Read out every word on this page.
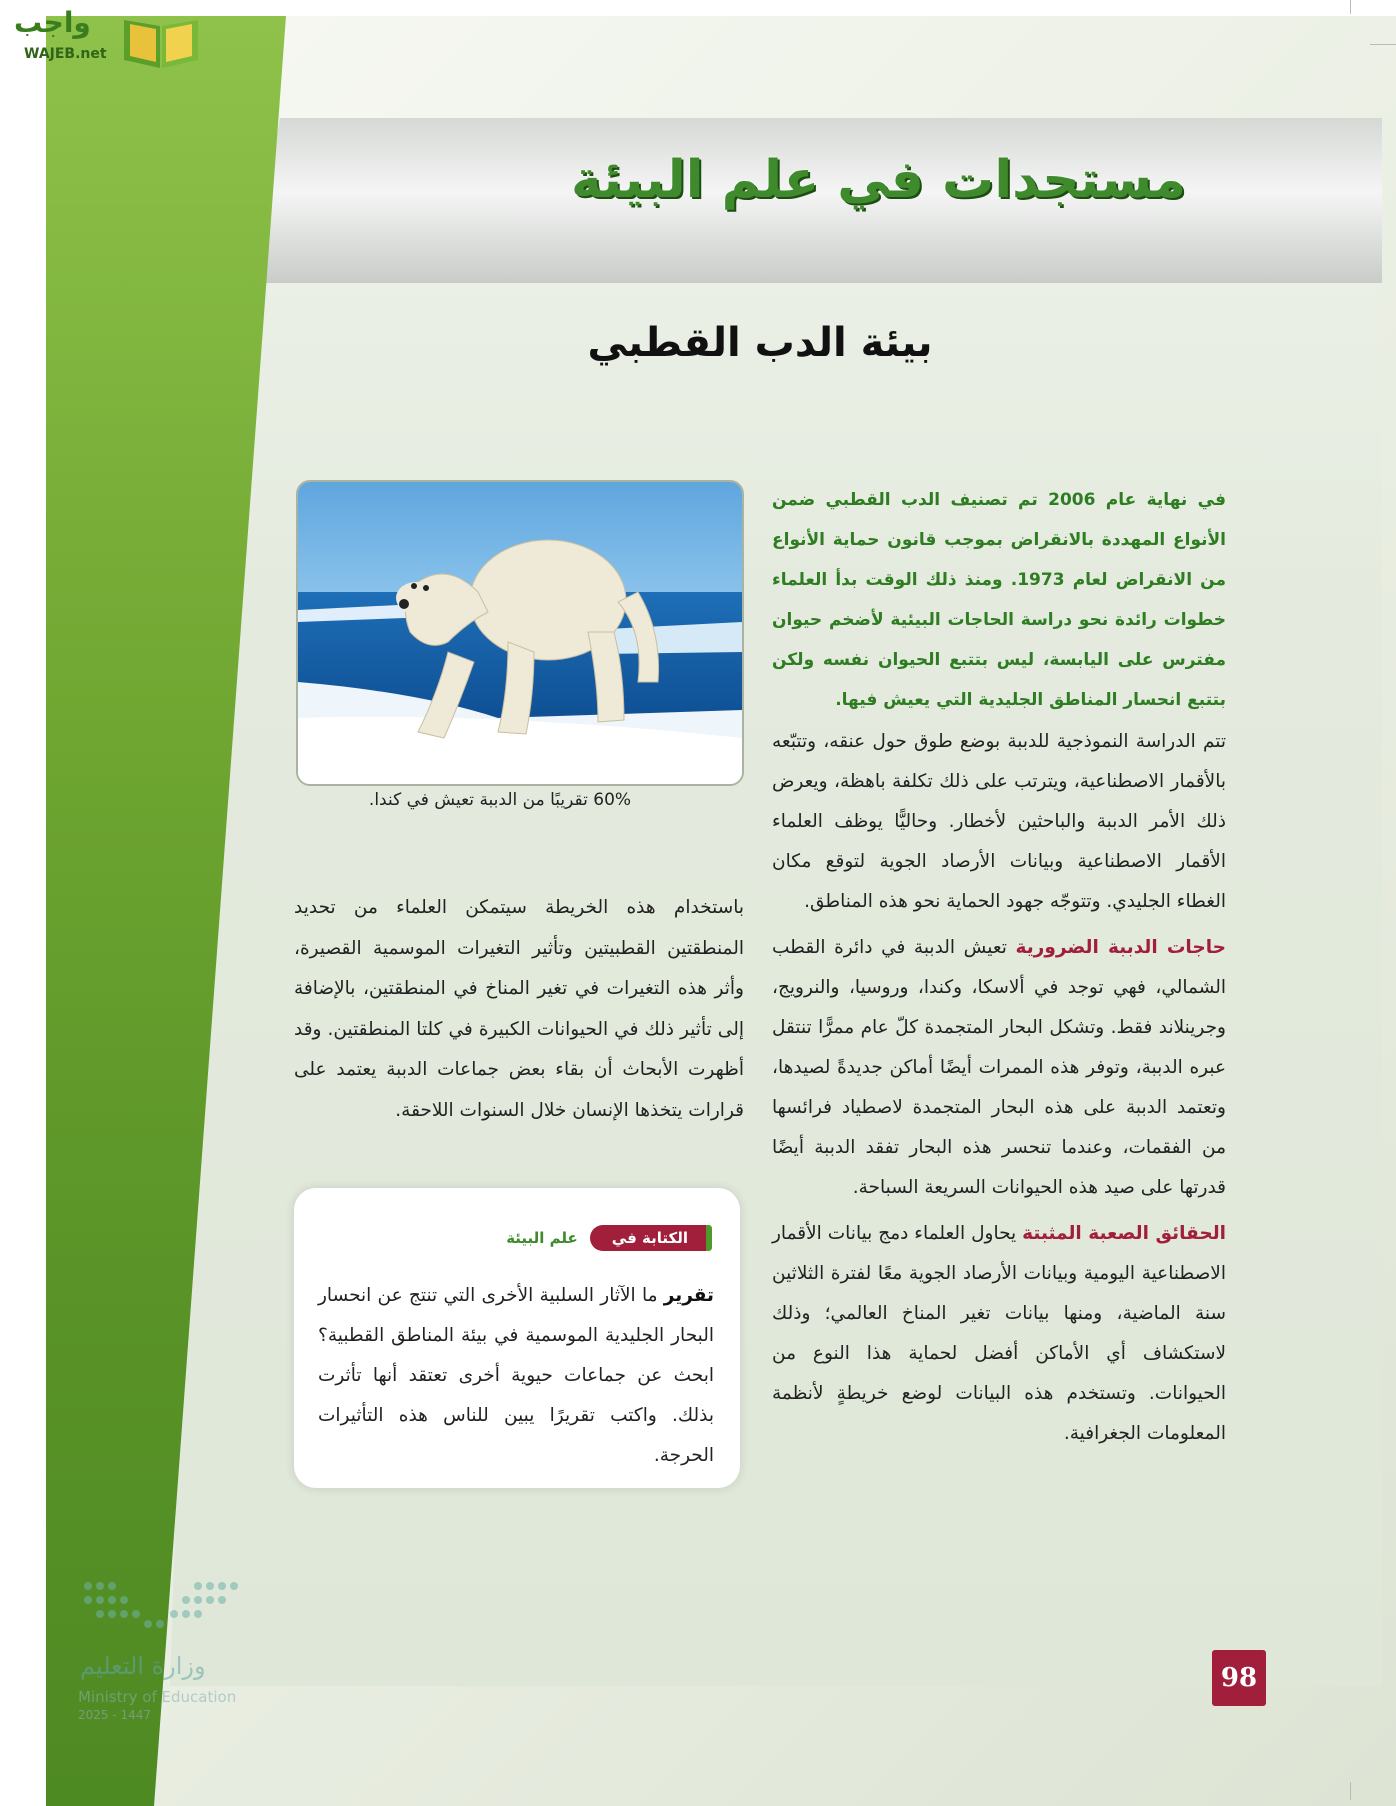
واجب
WAJEB.net
مستجدات في علم البيئة
بيئة الدب القطبي
60% تقريبًا من الدببة تعيش في كندا.
في نهاية عام 2006 تم تصنيف الدب القطبي ضمن الأنواع المهددة بالانقراض بموجب قانون حماية الأنواع من الانقراض لعام 1973. ومنذ ذلك الوقت بدأ العلماء خطوات رائدة نحو دراسة الحاجات البيئية لأضخم حيوان مفترس على اليابسة، ليس بتتبع الحيوان نفسه ولكن بتتبع انحسار المناطق الجليدية التي يعيش فيها.

تتم الدراسة النموذجية للدببة بوضع طوق حول عنقه، وتتبّعه بالأقمار الاصطناعية، ويترتب على ذلك تكلفة باهظة، ويعرض ذلك الأمر الدببة والباحثين لأخطار. وحاليًّا يوظف العلماء الأقمار الاصطناعية وبيانات الأرصاد الجوية لتوقع مكان الغطاء الجليدي. وتتوجّه جهود الحماية نحو هذه المناطق.

حاجات الدببة الضرورية تعيش الدببة في دائرة القطب الشمالي، فهي توجد في ألاسكا، وكندا، وروسيا، والنرويج، وجرينلاند فقط. وتشكل البحار المتجمدة كلّ عام ممرًّا تنتقل عبره الدببة، وتوفر هذه الممرات أيضًا أماكن جديدةً لصيدها، وتعتمد الدببة على هذه البحار المتجمدة لاصطياد فرائسها من الفقمات، وعندما تنحسر هذه البحار تفقد الدببة أيضًا قدرتها على صيد هذه الحيوانات السريعة السباحة.

الحقائق الصعبة المثبتة يحاول العلماء دمج بيانات الأقمار الاصطناعية اليومية وبيانات الأرصاد الجوية معًا لفترة الثلاثين سنة الماضية، ومنها بيانات تغير المناخ العالمي؛ وذلك لاستكشاف أي الأماكن أفضل لحماية هذا النوع من الحيوانات. وتستخدم هذه البيانات لوضع خريطةٍ لأنظمة المعلومات الجغرافية.

باستخدام هذه الخريطة سيتمكن العلماء من تحديد المنطقتين القطبيتين وتأثير التغيرات الموسمية القصيرة، وأثر هذه التغيرات في تغير المناخ في المنطقتين، بالإضافة إلى تأثير ذلك في الحيوانات الكبيرة في كلتا المنطقتين. وقد أظهرت الأبحاث أن بقاء بعض جماعات الدببة يعتمد على قرارات يتخذها الإنسان خلال السنوات اللاحقة.
الكتابة في
علم البيئة
تقرير ما الآثار السلبية الأخرى التي تنتج عن انحسار البحار الجليدية الموسمية في بيئة المناطق القطبية؟ ابحث عن جماعات حيوية أخرى تعتقد أنها تأثرت بذلك. واكتب تقريرًا يبين للناس هذه التأثيرات الحرجة.
وزارة التعليم
Ministry of Education
2025 - 1447
98
